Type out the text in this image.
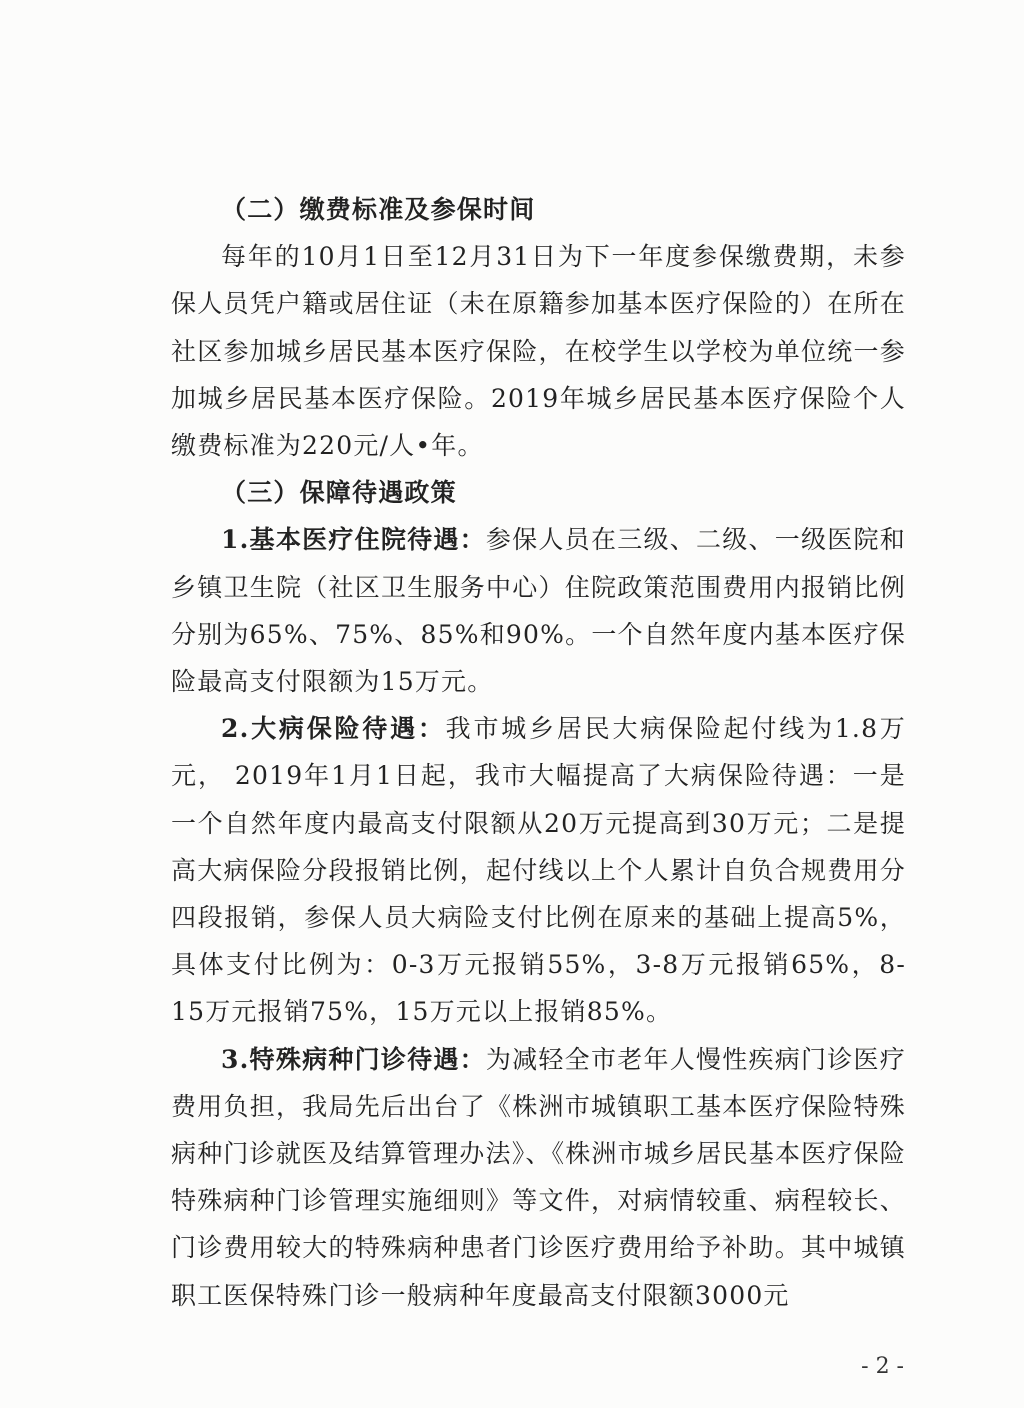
（二）缴费标准及参保时间

每年的10月1日至12月31日为下一年度参保缴费期，未参保人员凭户籍或居住证（未在原籍参加基本医疗保险的）在所在社区参加城乡居民基本医疗保险，在校学生以学校为单位统一参加城乡居民基本医疗保险。2019年城乡居民基本医疗保险个人缴费标准为220元/人•年。

（三）保障待遇政策

1.基本医疗住院待遇：参保人员在三级、二级、一级医院和乡镇卫生院（社区卫生服务中心）住院政策范围费用内报销比例分别为65%、75%、85%和90%。一个自然年度内基本医疗保险最高支付限额为15万元。

2.大病保险待遇：我市城乡居民大病保险起付线为1.8万元， 2019年1月1日起，我市大幅提高了大病保险待遇：一是一个自然年度内最高支付限额从20万元提高到30万元；二是提高大病保险分段报销比例，起付线以上个人累计自负合规费用分四段报销，参保人员大病险支付比例在原来的基础上提高5%，具体支付比例为：0-3万元报销55%，3-8万元报销65%，8-15万元报销75%，15万元以上报销85%。

3.特殊病种门诊待遇：为减轻全市老年人慢性疾病门诊医疗费用负担，我局先后出台了《株洲市城镇职工基本医疗保险特殊病种门诊就医及结算管理办法》、《株洲市城乡居民基本医疗保险特殊病种门诊管理实施细则》等文件，对病情较重、病程较长、门诊费用较大的特殊病种患者门诊医疗费用给予补助。其中城镇职工医保特殊门诊一般病种年度最高支付限额3000元

- 2 -
